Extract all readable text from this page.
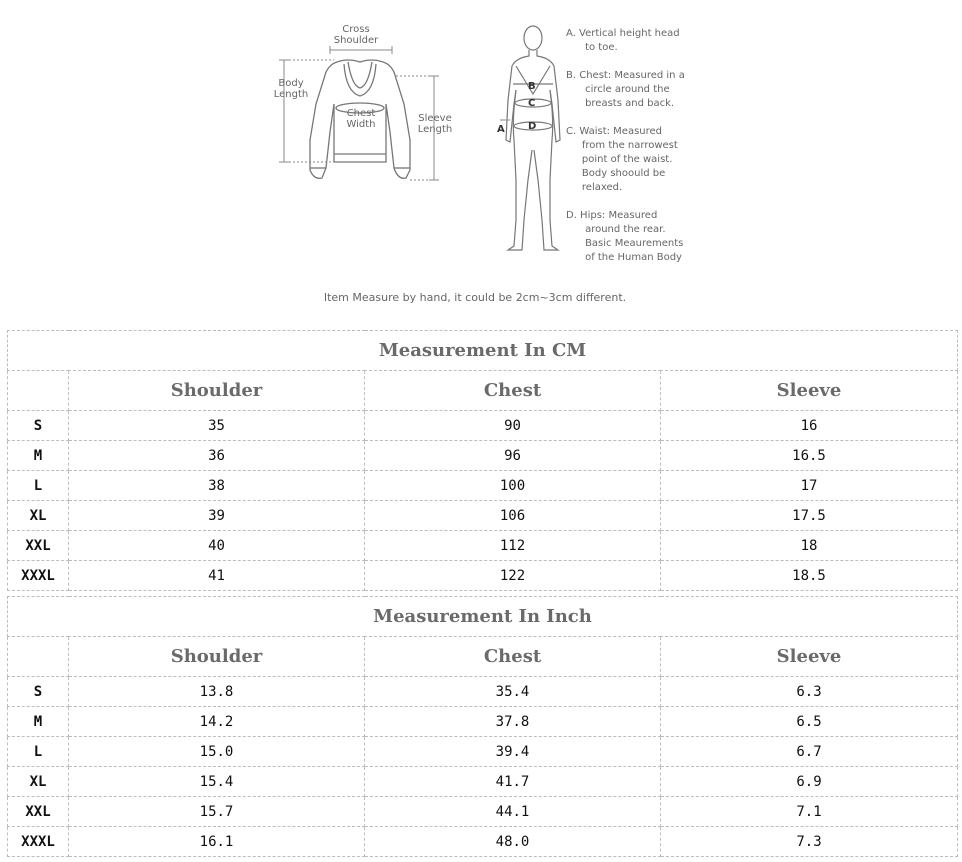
Cross
Shoulder
Body
Length
Chest
Width
Sleeve
Length	A
B
C
D
A. Vertical height head
to toe.
B. Chest: Measured in a
circle around the
breasts and back.
C. Waist: Measured
from the narrowest
point of the waist.
Body shoould be
relaxed.
D. Hips: Measured
around the rear.
Basic Meaurements
of the Human Body
Item Measure by hand, it could be 2cm~3cm different.
Measurement In CM			
	Shoulder	Chest	Sleeve
S	35	90	16
M	36	96	16.5
L	38	100	17
XL	39	106	17.5
XXL	40	112	18
XXXL	41	122	18.5
Measurement In Inch			
	Shoulder	Chest	Sleeve
S	13.8	35.4	6.3
M	14.2	37.8	6.5
L	15.0	39.4	6.7
XL	15.4	41.7	6.9
XXL	15.7	44.1	7.1
XXXL	16.1	48.0	7.3
